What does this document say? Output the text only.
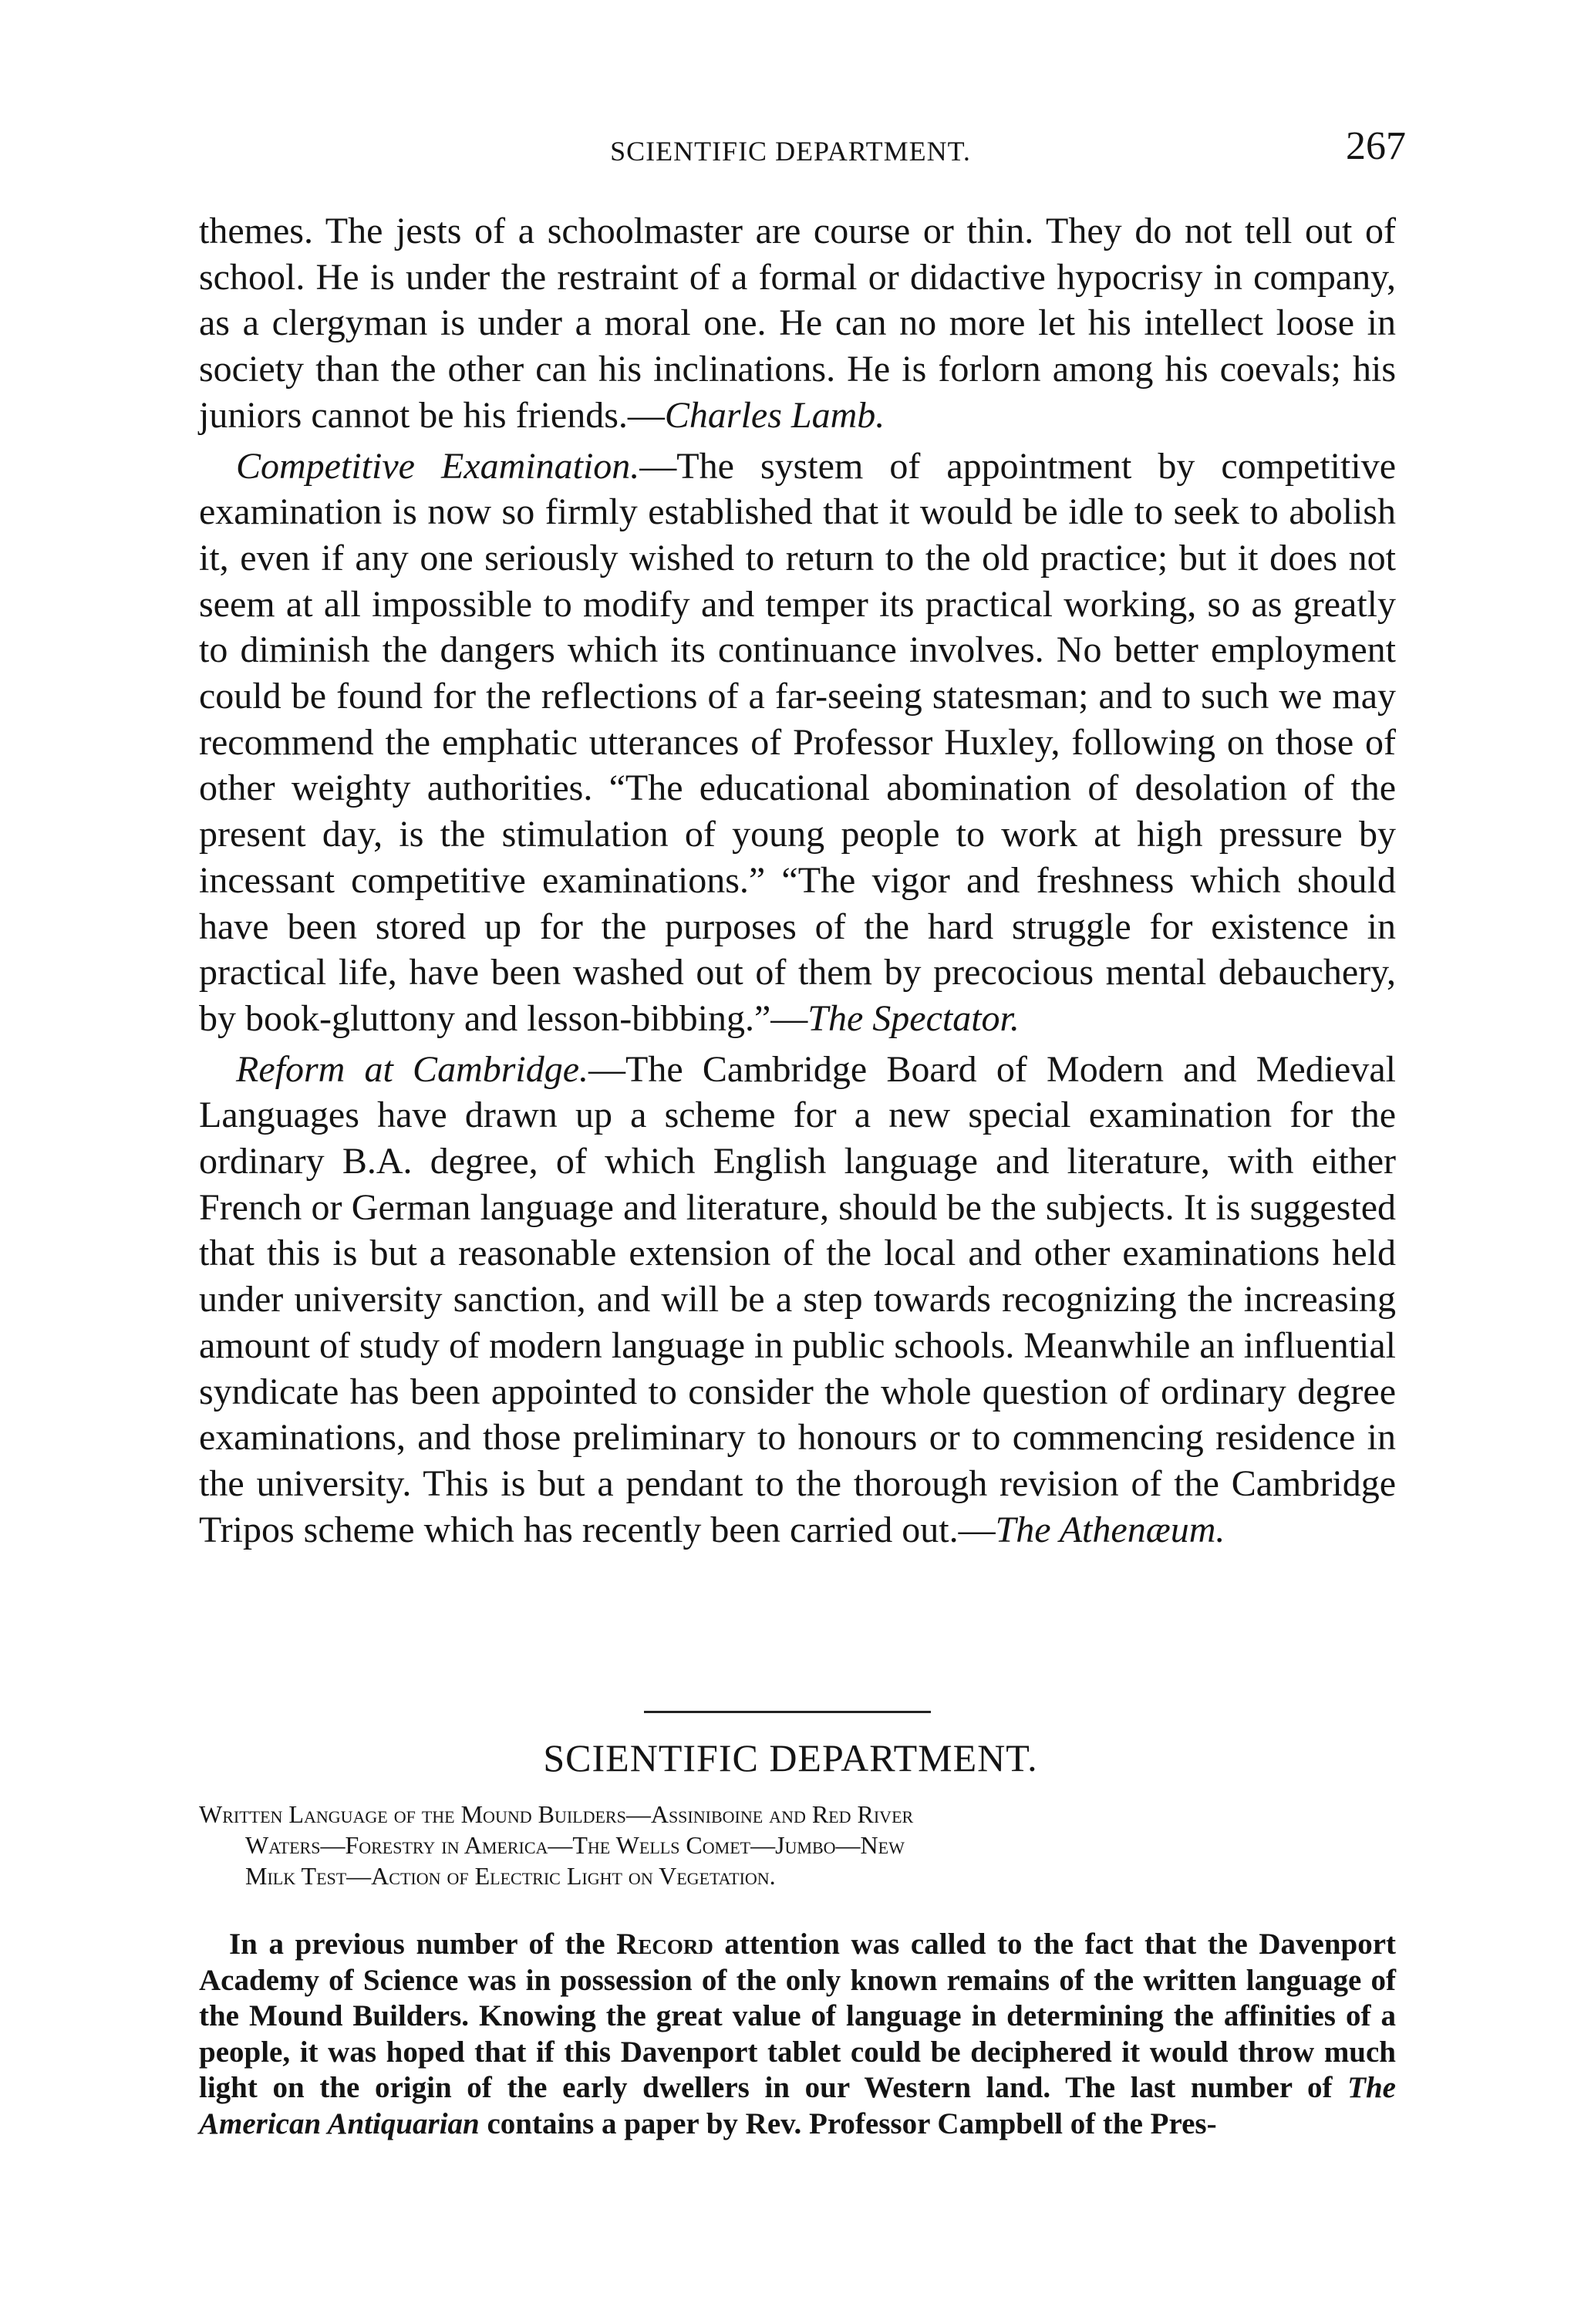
SCIENTIFIC DEPARTMENT.	267

themes. The jests of a schoolmaster are course or thin. They do not tell out of school. He is under the restraint of a formal or didactive hypocrisy in company, as a clergyman is under a moral one. He can no more let his intellect loose in society than the other can his inclinations. He is forlorn among his coevals; his juniors cannot be his friends.—Charles Lamb.

 Competitive Examination.—The system of appointment by competitive examination is now so firmly established that it would be idle to seek to abolish it, even if any one seriously wished to return to the old practice; but it does not seem at all impossible to modify and temper its practical working, so as greatly to diminish the dangers which its continuance involves. No better employment could be found for the reflections of a far-seeing statesman; and to such we may recommend the emphatic utterances of Professor Huxley, following on those of other weighty authorities. “The educational abomination of desolation of the present day, is the stimulation of young people to work at high pressure by incessant competitive examinations.” “The vigor and freshness which should have been stored up for the purposes of the hard struggle for existence in practical life, have been washed out of them by precocious mental debauchery, by book-gluttony and lesson-bibbing.”—The Spectator.

 Reform at Cambridge.—The Cambridge Board of Modern and Medieval Languages have drawn up a scheme for a new special examination for the ordinary B.A. degree, of which English language and literature, with either French or German language and literature, should be the subjects. It is suggested that this is but a reasonable extension of the local and other examinations held under university sanction, and will be a step towards recognizing the increasing amount of study of modern language in public schools. Meanwhile an influential syndicate has been appointed to consider the whole question of ordinary degree examinations, and those preliminary to honours or to commencing residence in the university. This is but a pendant to the thorough revision of the Cambridge Tripos scheme which has recently been carried out.—The Athenæum.

SCIENTIFIC DEPARTMENT.
Written Language of the Mound Builders—Assiniboine and Red River
Waters—Forestry in America—The Wells Comet—Jumbo—New
Milk Test—Action of Electric Light on Vegetation.
 In a previous number of the Record attention was called to the fact that the Davenport Academy of Science was in possession of the only known remains of the written language of the Mound Builders. Knowing the great value of language in determining the affinities of a people, it was hoped that if this Davenport tablet could be deciphered it would throw much light on the origin of the early dwellers in our Western land. The last number of The American Antiquarian contains a paper by Rev. Professor Campbell of the Pres-
